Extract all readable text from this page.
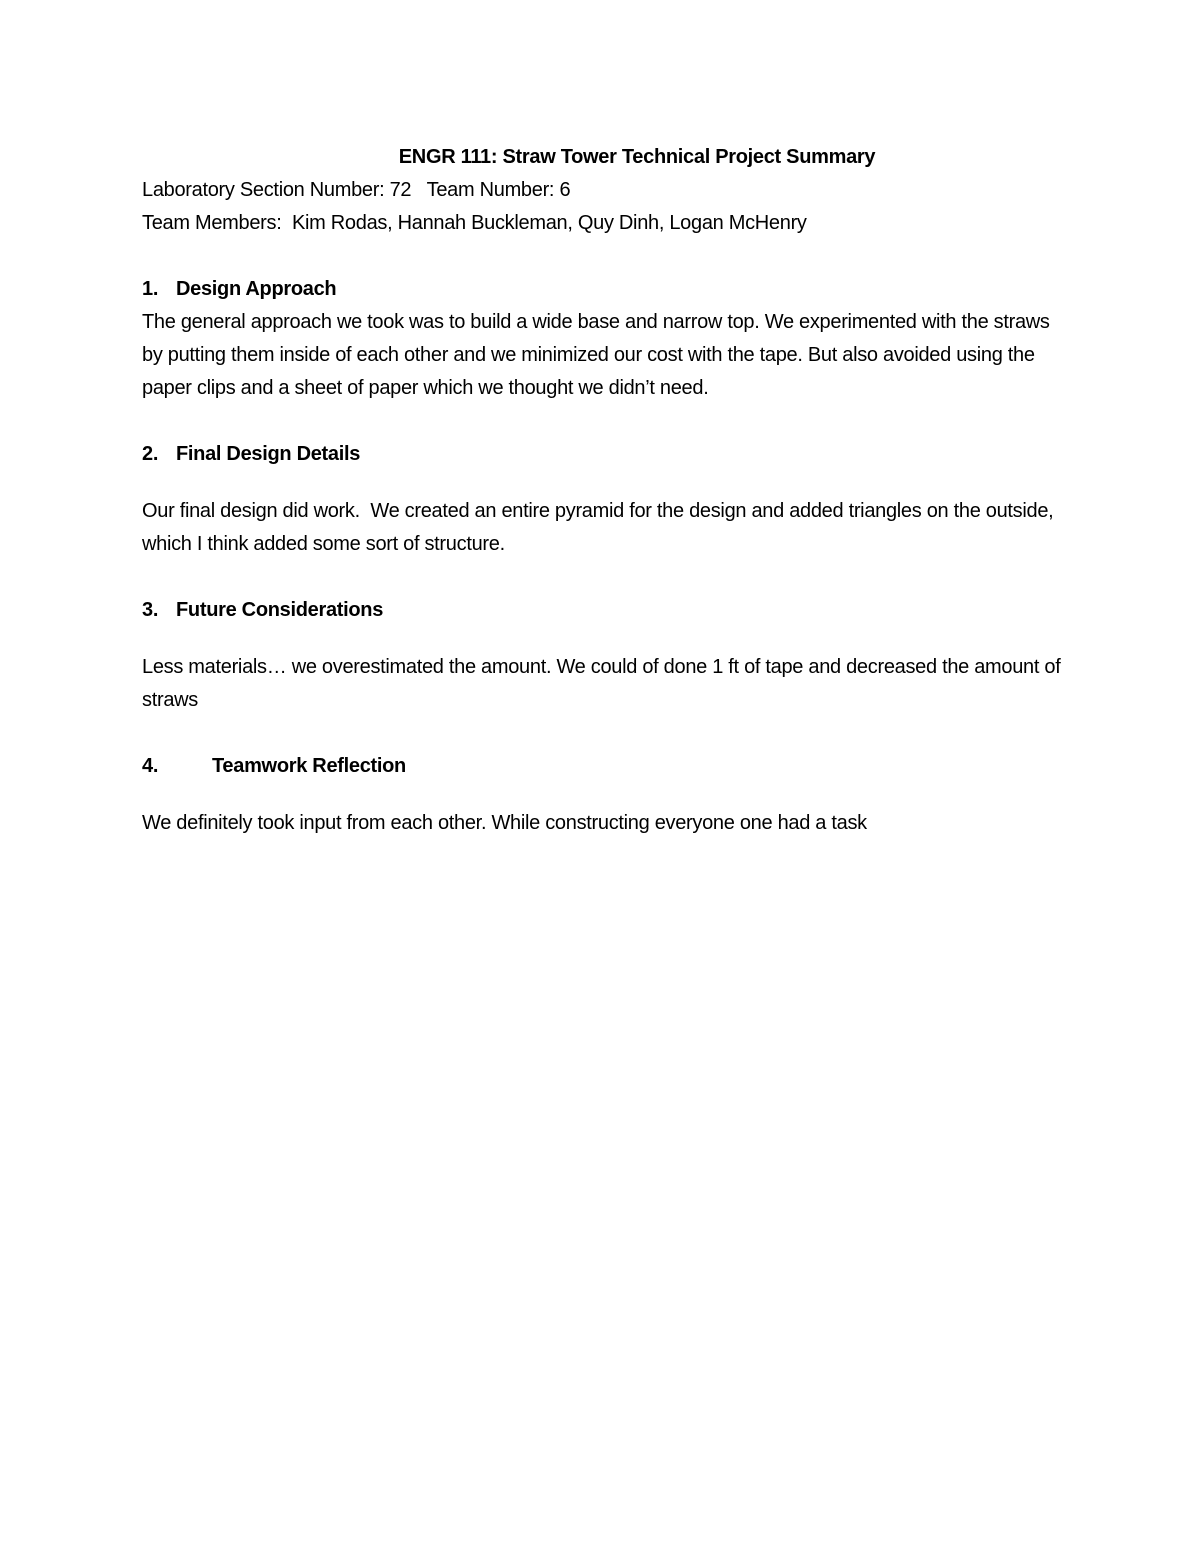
ENGR 111: Straw Tower Technical Project Summary
Laboratory Section Number: 72   Team Number: 6
Team Members:  Kim Rodas, Hannah Buckleman, Quy Dinh, Logan McHenry
1. Design Approach

The general approach we took was to build a wide base and narrow top. We experimented with the straws by putting them inside of each other and we minimized our cost with the tape. But also avoided using the paper clips and a sheet of paper which we thought we didn’t need.

2. Final Design Details

Our final design did work.  We created an entire pyramid for the design and added triangles on the outside, which I think added some sort of structure.

3. Future Considerations

Less materials… we overestimated the amount. We could of done 1 ft of tape and decreased the amount of straws

4.	Teamwork Reflection

We definitely took input from each other. While constructing everyone one had a task
